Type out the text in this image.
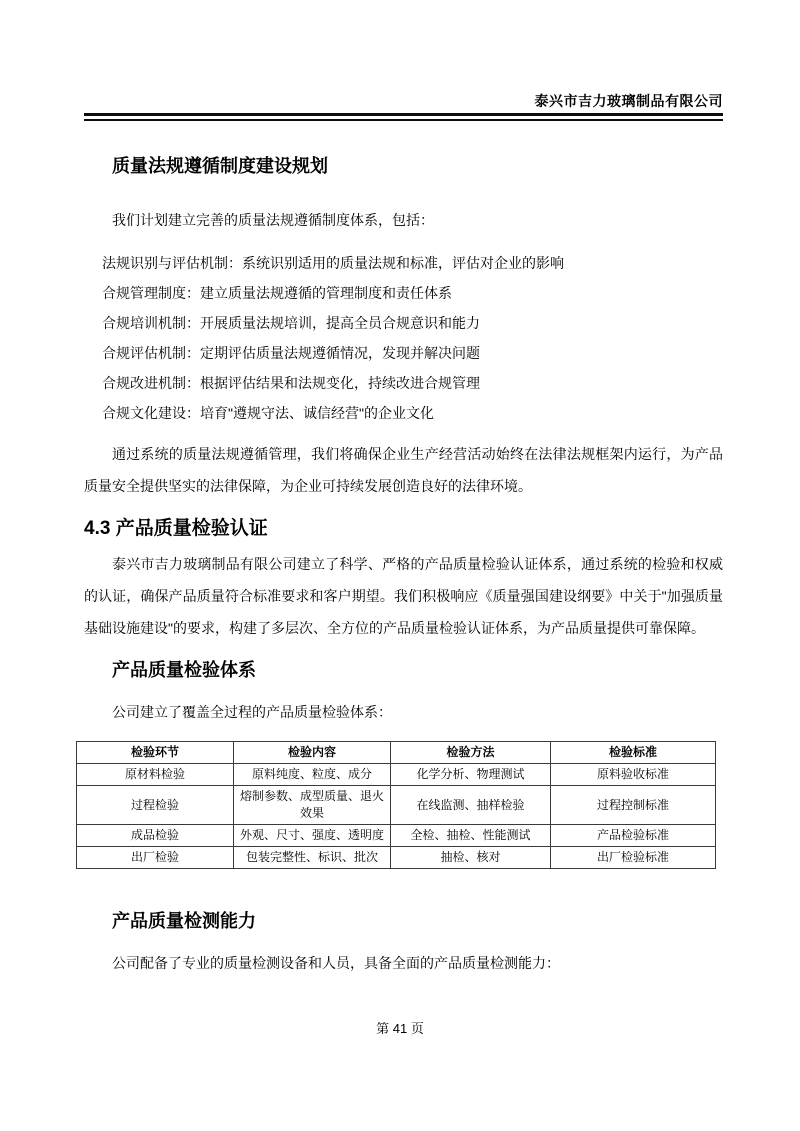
泰兴市吉力玻璃制品有限公司
质量法规遵循制度建设规划

我们计划建立完善的质量法规遵循制度体系，包括：

法规识别与评估机制：系统识别适用的质量法规和标准，评估对企业的影响
合规管理制度：建立质量法规遵循的管理制度和责任体系
合规培训机制：开展质量法规培训，提高全员合规意识和能力
合规评估机制：定期评估质量法规遵循情况，发现并解决问题
合规改进机制：根据评估结果和法规变化，持续改进合规管理
合规文化建设：培育"遵规守法、诚信经营"的企业文化

通过系统的质量法规遵循管理，我们将确保企业生产经营活动始终在法律法规框架内运行，为产品质量安全提供坚实的法律保障，为企业可持续发展创造良好的法律环境。

4.3 产品质量检验认证

泰兴市吉力玻璃制品有限公司建立了科学、严格的产品质量检验认证体系，通过系统的检验和权威的认证，确保产品质量符合标准要求和客户期望。我们积极响应《质量强国建设纲要》中关于"加强质量基础设施建设"的要求，构建了多层次、全方位的产品质量检验认证体系，为产品质量提供可靠保障。

产品质量检验体系

公司建立了覆盖全过程的产品质量检验体系：

检验环节	检验内容	检验方法	检验标准
原材料检验	原料纯度、粒度、成分	化学分析、物理测试	原料验收标准
过程检验	熔制参数、成型质量、退火效果	在线监测、抽样检验	过程控制标准
成品检验	外观、尺寸、强度、透明度	全检、抽检、性能测试	产品检验标准
出厂检验	包装完整性、标识、批次	抽检、核对	出厂检验标准
产品质量检测能力

公司配备了专业的质量检测设备和人员，具备全面的产品质量检测能力：

第 41 页
